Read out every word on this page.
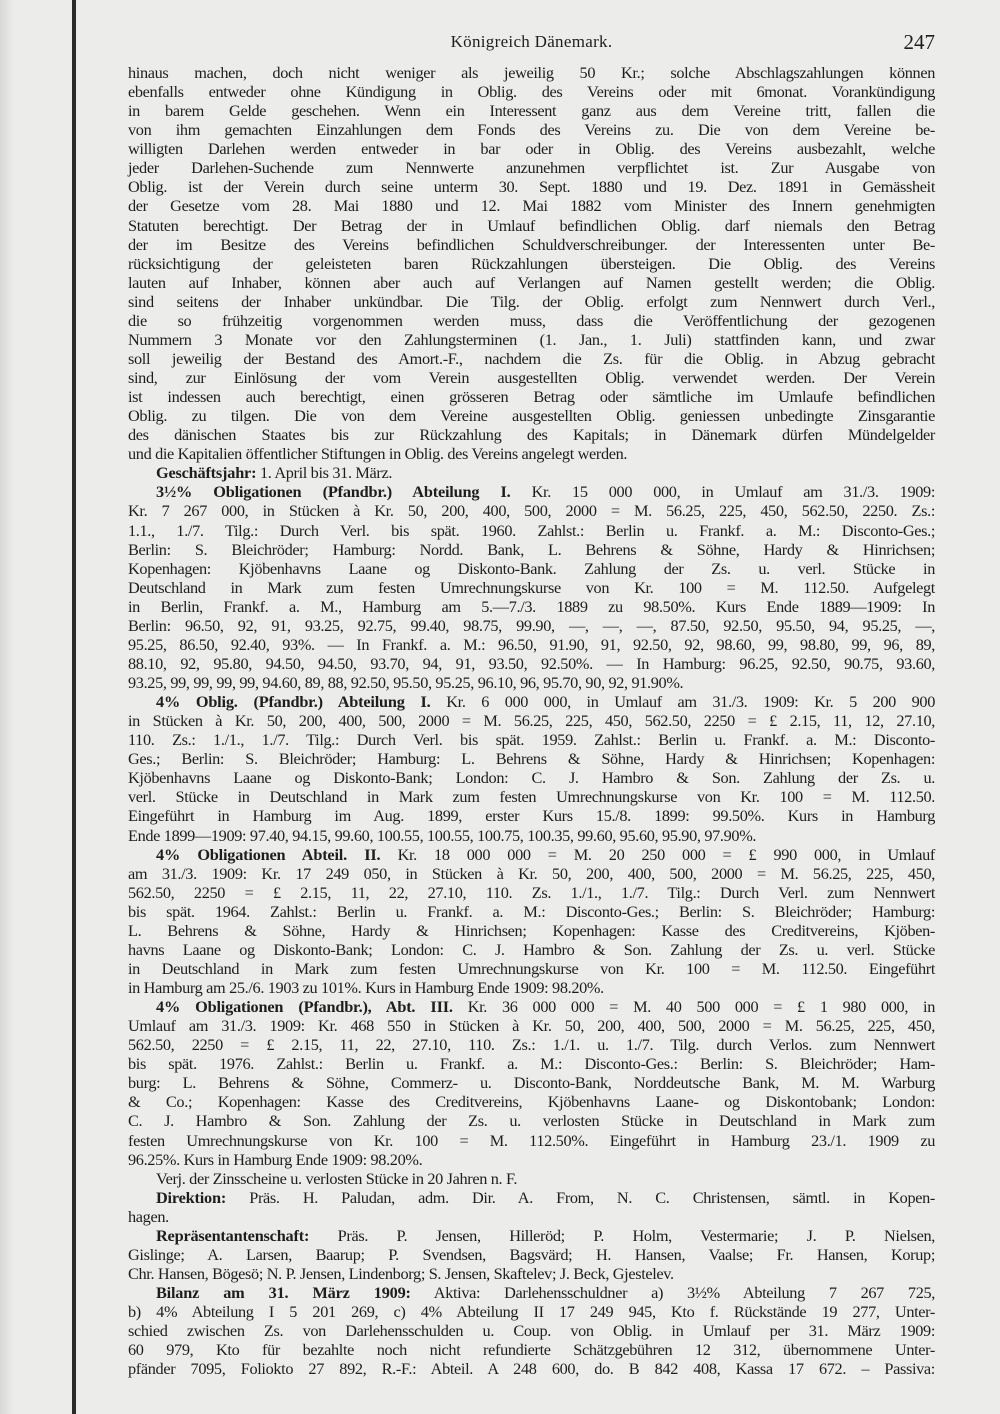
Königreich Dänemark.	247
hinaus machen, doch nicht weniger als jeweilig 50 Kr.; solche Abschlagszahlungen können
ebenfalls entweder ohne Kündigung in Oblig. des Vereins oder mit 6monat. Vorankündigung
in barem Gelde geschehen. Wenn ein Interessent ganz aus dem Vereine tritt, fallen die
von ihm gemachten Einzahlungen dem Fonds des Vereins zu. Die von dem Vereine be-
willigten Darlehen werden entweder in bar oder in Oblig. des Vereins ausbezahlt, welche
jeder Darlehen-Suchende zum Nennwerte anzunehmen verpflichtet ist. Zur Ausgabe von
Oblig. ist der Verein durch seine unterm 30. Sept. 1880 und 19. Dez. 1891 in Gemässheit
der Gesetze vom 28. Mai 1880 und 12. Mai 1882 vom Minister des Innern genehmigten
Statuten berechtigt. Der Betrag der in Umlauf befindlichen Oblig. darf niemals den Betrag
der im Besitze des Vereins befindlichen Schuldverschreibunger. der Interessenten unter Be-
rücksichtigung der geleisteten baren Rückzahlungen übersteigen. Die Oblig. des Vereins
lauten auf Inhaber, können aber auch auf Verlangen auf Namen gestellt werden; die Oblig.
sind seitens der Inhaber unkündbar. Die Tilg. der Oblig. erfolgt zum Nennwert durch Verl.,
die so frühzeitig vorgenommen werden muss, dass die Veröffentlichung der gezogenen
Nummern 3 Monate vor den Zahlungsterminen (1. Jan., 1. Juli) stattfinden kann, und zwar
soll jeweilig der Bestand des Amort.-F., nachdem die Zs. für die Oblig. in Abzug gebracht
sind, zur Einlösung der vom Verein ausgestellten Oblig. verwendet werden. Der Verein
ist indessen auch berechtigt, einen grösseren Betrag oder sämtliche im Umlaufe befindlichen
Oblig. zu tilgen. Die von dem Vereine ausgestellten Oblig. geniessen unbedingte Zinsgarantie
des dänischen Staates bis zur Rückzahlung des Kapitals; in Dänemark dürfen Mündelgelder
und die Kapitalien öffentlicher Stiftungen in Oblig. des Vereins angelegt werden.
Geschäftsjahr: 1. April bis 31. März.
3½% Obligationen (Pfandbr.) Abteilung I. Kr. 15 000 000, in Umlauf am 31./3. 1909:
Kr. 7 267 000, in Stücken à Kr. 50, 200, 400, 500, 2000 = M. 56.25, 225, 450, 562.50, 2250. Zs.:
1.1., 1./7. Tilg.: Durch Verl. bis spät. 1960. Zahlst.: Berlin u. Frankf. a. M.: Disconto-Ges.;
Berlin: S. Bleichröder; Hamburg: Nordd. Bank, L. Behrens & Söhne, Hardy & Hinrichsen;
Kopenhagen: Kjöbenhavns Laane og Diskonto-Bank. Zahlung der Zs. u. verl. Stücke in
Deutschland in Mark zum festen Umrechnungskurse von Kr. 100 = M. 112.50. Aufgelegt
in Berlin, Frankf. a. M., Hamburg am 5.—7./3. 1889 zu 98.50%. Kurs Ende 1889—1909: In
Berlin: 96.50, 92, 91, 93.25, 92.75, 99.40, 98.75, 99.90, —, —, —, 87.50, 92.50, 95.50, 94, 95.25, —,
95.25, 86.50, 92.40, 93%. — In Frankf. a. M.: 96.50, 91.90, 91, 92.50, 92, 98.60, 99, 98.80, 99, 96, 89,
88.10, 92, 95.80, 94.50, 94.50, 93.70, 94, 91, 93.50, 92.50%. — In Hamburg: 96.25, 92.50, 90.75, 93.60,
93.25, 99, 99, 99, 99, 94.60, 89, 88, 92.50, 95.50, 95.25, 96.10, 96, 95.70, 90, 92, 91.90%.
4% Oblig. (Pfandbr.) Abteilung I. Kr. 6 000 000, in Umlauf am 31./3. 1909: Kr. 5 200 900
in Stücken à Kr. 50, 200, 400, 500, 2000 = M. 56.25, 225, 450, 562.50, 2250 = £ 2.15, 11, 12, 27.10,
110. Zs.: 1./1., 1./7. Tilg.: Durch Verl. bis spät. 1959. Zahlst.: Berlin u. Frankf. a. M.: Disconto-
Ges.; Berlin: S. Bleichröder; Hamburg: L. Behrens & Söhne, Hardy & Hinrichsen; Kopenhagen:
Kjöbenhavns Laane og Diskonto-Bank; London: C. J. Hambro & Son. Zahlung der Zs. u.
verl. Stücke in Deutschland in Mark zum festen Umrechnungskurse von Kr. 100 = M. 112.50.
Eingeführt in Hamburg im Aug. 1899, erster Kurs 15./8. 1899: 99.50%. Kurs in Hamburg
Ende 1899—1909: 97.40, 94.15, 99.60, 100.55, 100.55, 100.75, 100.35, 99.60, 95.60, 95.90, 97.90%.
4% Obligationen Abteil. II. Kr. 18 000 000 = M. 20 250 000 = £ 990 000, in Umlauf
am 31./3. 1909: Kr. 17 249 050, in Stücken à Kr. 50, 200, 400, 500, 2000 = M. 56.25, 225, 450,
562.50, 2250 = £ 2.15, 11, 22, 27.10, 110. Zs. 1./1., 1./7. Tilg.: Durch Verl. zum Nennwert
bis spät. 1964. Zahlst.: Berlin u. Frankf. a. M.: Disconto-Ges.; Berlin: S. Bleichröder; Hamburg:
L. Behrens & Söhne, Hardy & Hinrichsen; Kopenhagen: Kasse des Creditvereins, Kjöben-
havns Laane og Diskonto-Bank; London: C. J. Hambro & Son. Zahlung der Zs. u. verl. Stücke
in Deutschland in Mark zum festen Umrechnungskurse von Kr. 100 = M. 112.50. Eingeführt
in Hamburg am 25./6. 1903 zu 101%. Kurs in Hamburg Ende 1909: 98.20%.
4% Obligationen (Pfandbr.), Abt. III. Kr. 36 000 000 = M. 40 500 000 = £ 1 980 000, in
Umlauf am 31./3. 1909: Kr. 468 550 in Stücken à Kr. 50, 200, 400, 500, 2000 = M. 56.25, 225, 450,
562.50, 2250 = £ 2.15, 11, 22, 27.10, 110. Zs.: 1./1. u. 1./7. Tilg. durch Verlos. zum Nennwert
bis spät. 1976. Zahlst.: Berlin u. Frankf. a. M.: Disconto-Ges.: Berlin: S. Bleichröder; Ham-
burg: L. Behrens & Söhne, Commerz- u. Disconto-Bank, Norddeutsche Bank, M. M. Warburg
& Co.; Kopenhagen: Kasse des Creditvereins, Kjöbenhavns Laane- og Diskontobank; London:
C. J. Hambro & Son. Zahlung der Zs. u. verlosten Stücke in Deutschland in Mark zum
festen Umrechnungskurse von Kr. 100 = M. 112.50%. Eingeführt in Hamburg 23./1. 1909 zu
96.25%. Kurs in Hamburg Ende 1909: 98.20%.
Verj. der Zinsscheine u. verlosten Stücke in 20 Jahren n. F.
Direktion: Präs. H. Paludan, adm. Dir. A. From, N. C. Christensen, sämtl. in Kopen-
hagen.
Repräsentantenschaft: Präs. P. Jensen, Hilleröd; P. Holm, Vestermarie; J. P. Nielsen,
Gislinge; A. Larsen, Baarup; P. Svendsen, Bagsvärd; H. Hansen, Vaalse; Fr. Hansen, Korup;
Chr. Hansen, Bögesö; N. P. Jensen, Lindenborg; S. Jensen, Skaftelev; J. Beck, Gjestelev.
Bilanz am 31. März 1909: Aktiva: Darlehensschuldner a) 3½% Abteilung 7 267 725,
b) 4% Abteilung I 5 201 269, c) 4% Abteilung II 17 249 945, Kto f. Rückstände 19 277, Unter-
schied zwischen Zs. von Darlehensschulden u. Coup. von Oblig. in Umlauf per 31. März 1909:
60 979, Kto für bezahlte noch nicht refundierte Schätzgebühren 12 312, übernommene Unter-
pfänder 7095, Foliokto 27 892, R.-F.: Abteil. A 248 600, do. B 842 408, Kassa 17 672. – Passiva:
